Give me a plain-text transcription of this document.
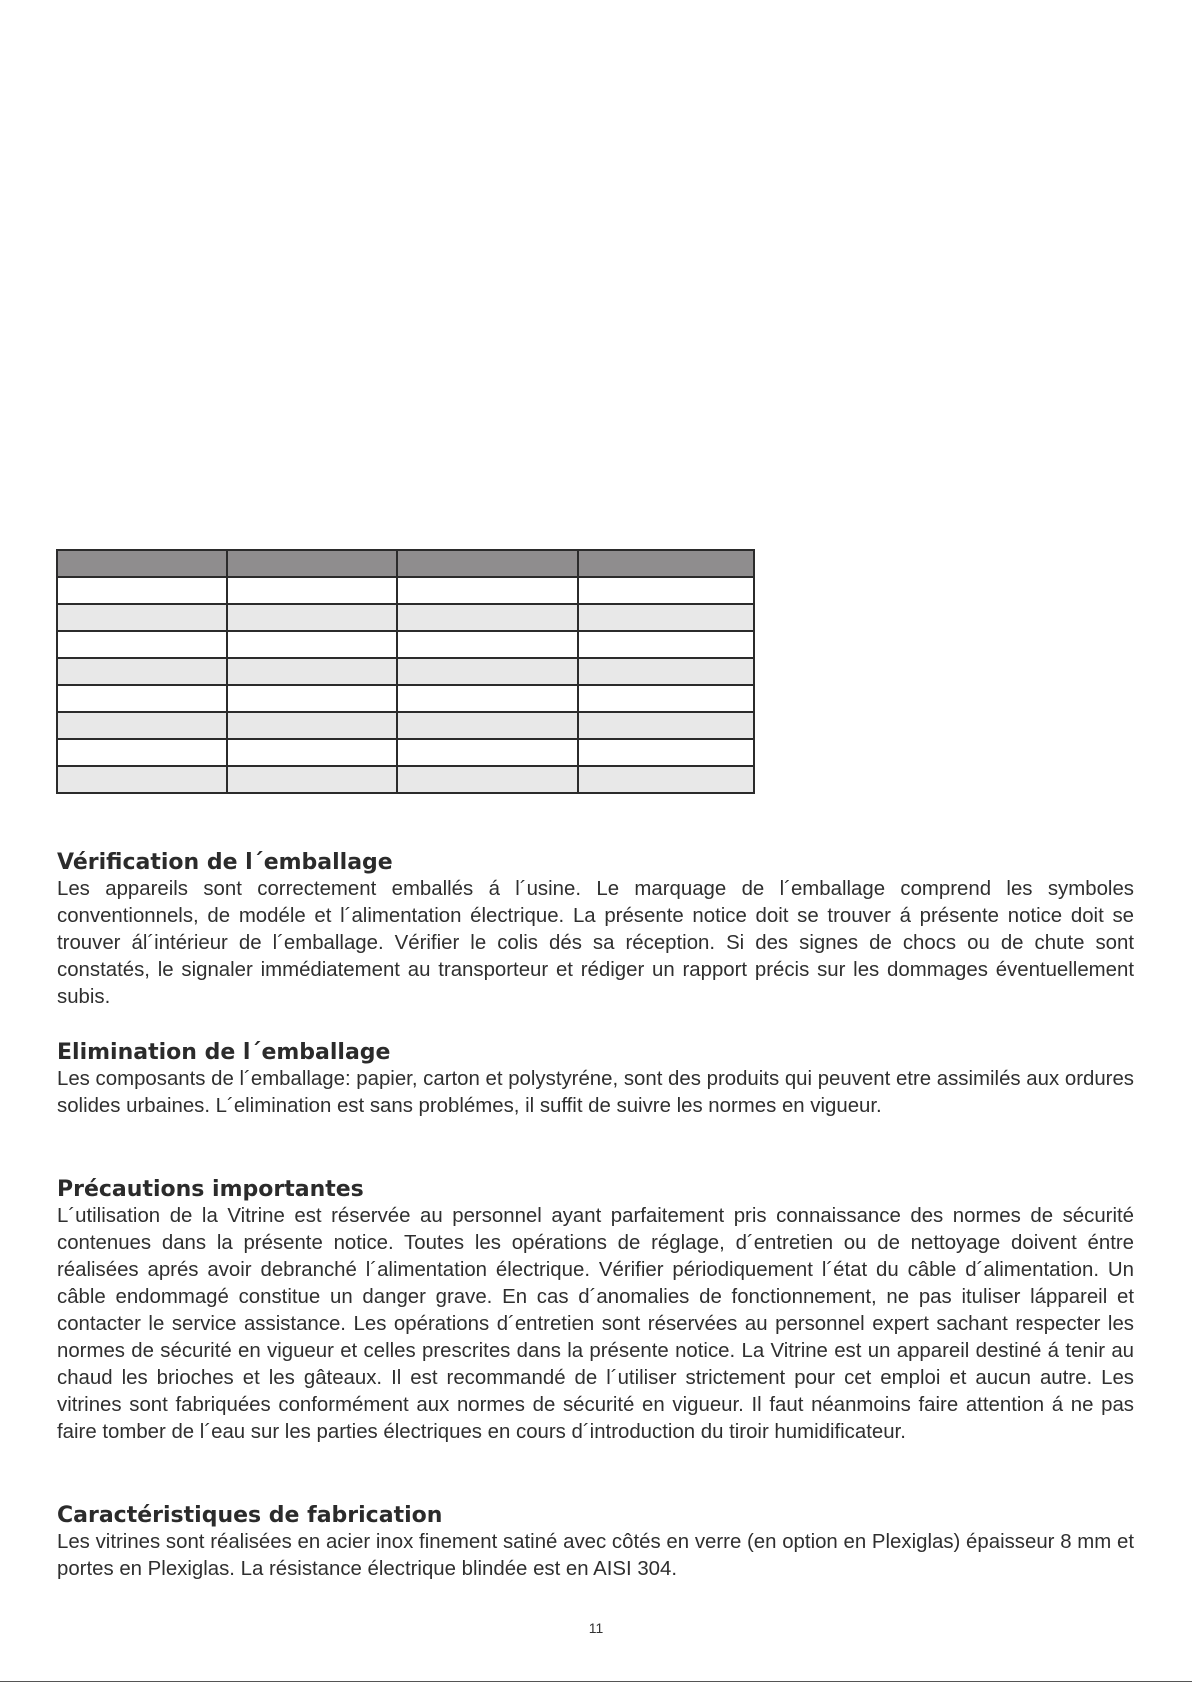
Vérification de l´emballage

Les appareils sont correctement emballés á l´usine. Le marquage de l´emballage comprend les symboles conventionnels, de modéle et l´alimentation électrique. La présente notice doit se trouver á présente notice doit se trouver ál´intérieur de l´emballage. Vérifier le colis dés sa réception. Si des signes de chocs ou de chute sont constatés, le signaler immédiatement au transporteur et rédiger un rapport précis sur les dommages éventuellement subis.

Elimination de l´emballage

Les composants de l´emballage: papier, carton et polystyréne, sont des produits qui peuvent etre assimilés aux ordures solides urbaines. L´elimination est sans problémes, il suffit de suivre les normes en vigueur.

Précautions importantes

L´utilisation de la Vitrine est réservée au personnel ayant parfaitement pris connaissance des normes de sécurité contenues dans la présente notice. Toutes les opérations de réglage, d´entretien ou de nettoyage doivent éntre réalisées aprés avoir debranché l´alimentation électrique. Vérifier périodiquement l´état du câble d´alimentation. Un câble endommagé constitue un danger grave. En cas d´anomalies de fonctionnement, ne pas ituliser láppareil et contacter le service assistance. Les opérations d´entretien sont réservées au personnel expert sachant respecter les normes de sécurité en vigueur et celles prescrites dans la présente notice. La Vitrine est un appareil destiné á tenir au chaud les brioches et les gâteaux. Il est recommandé de l´utiliser strictement pour cet emploi et aucun autre. Les vitrines sont fabriquées conformément aux normes de sécurité en vigueur. Il faut néanmoins faire attention á ne pas faire tomber de l´eau sur les parties électriques en cours d´introduction du tiroir humidificateur.

Caractéristiques de fabrication

Les vitrines sont réalisées en acier inox finement satiné avec côtés en verre (en option en Plexiglas) épaisseur 8 mm et portes en Plexiglas. La résistance électrique blindée est en AISI 304.

11
